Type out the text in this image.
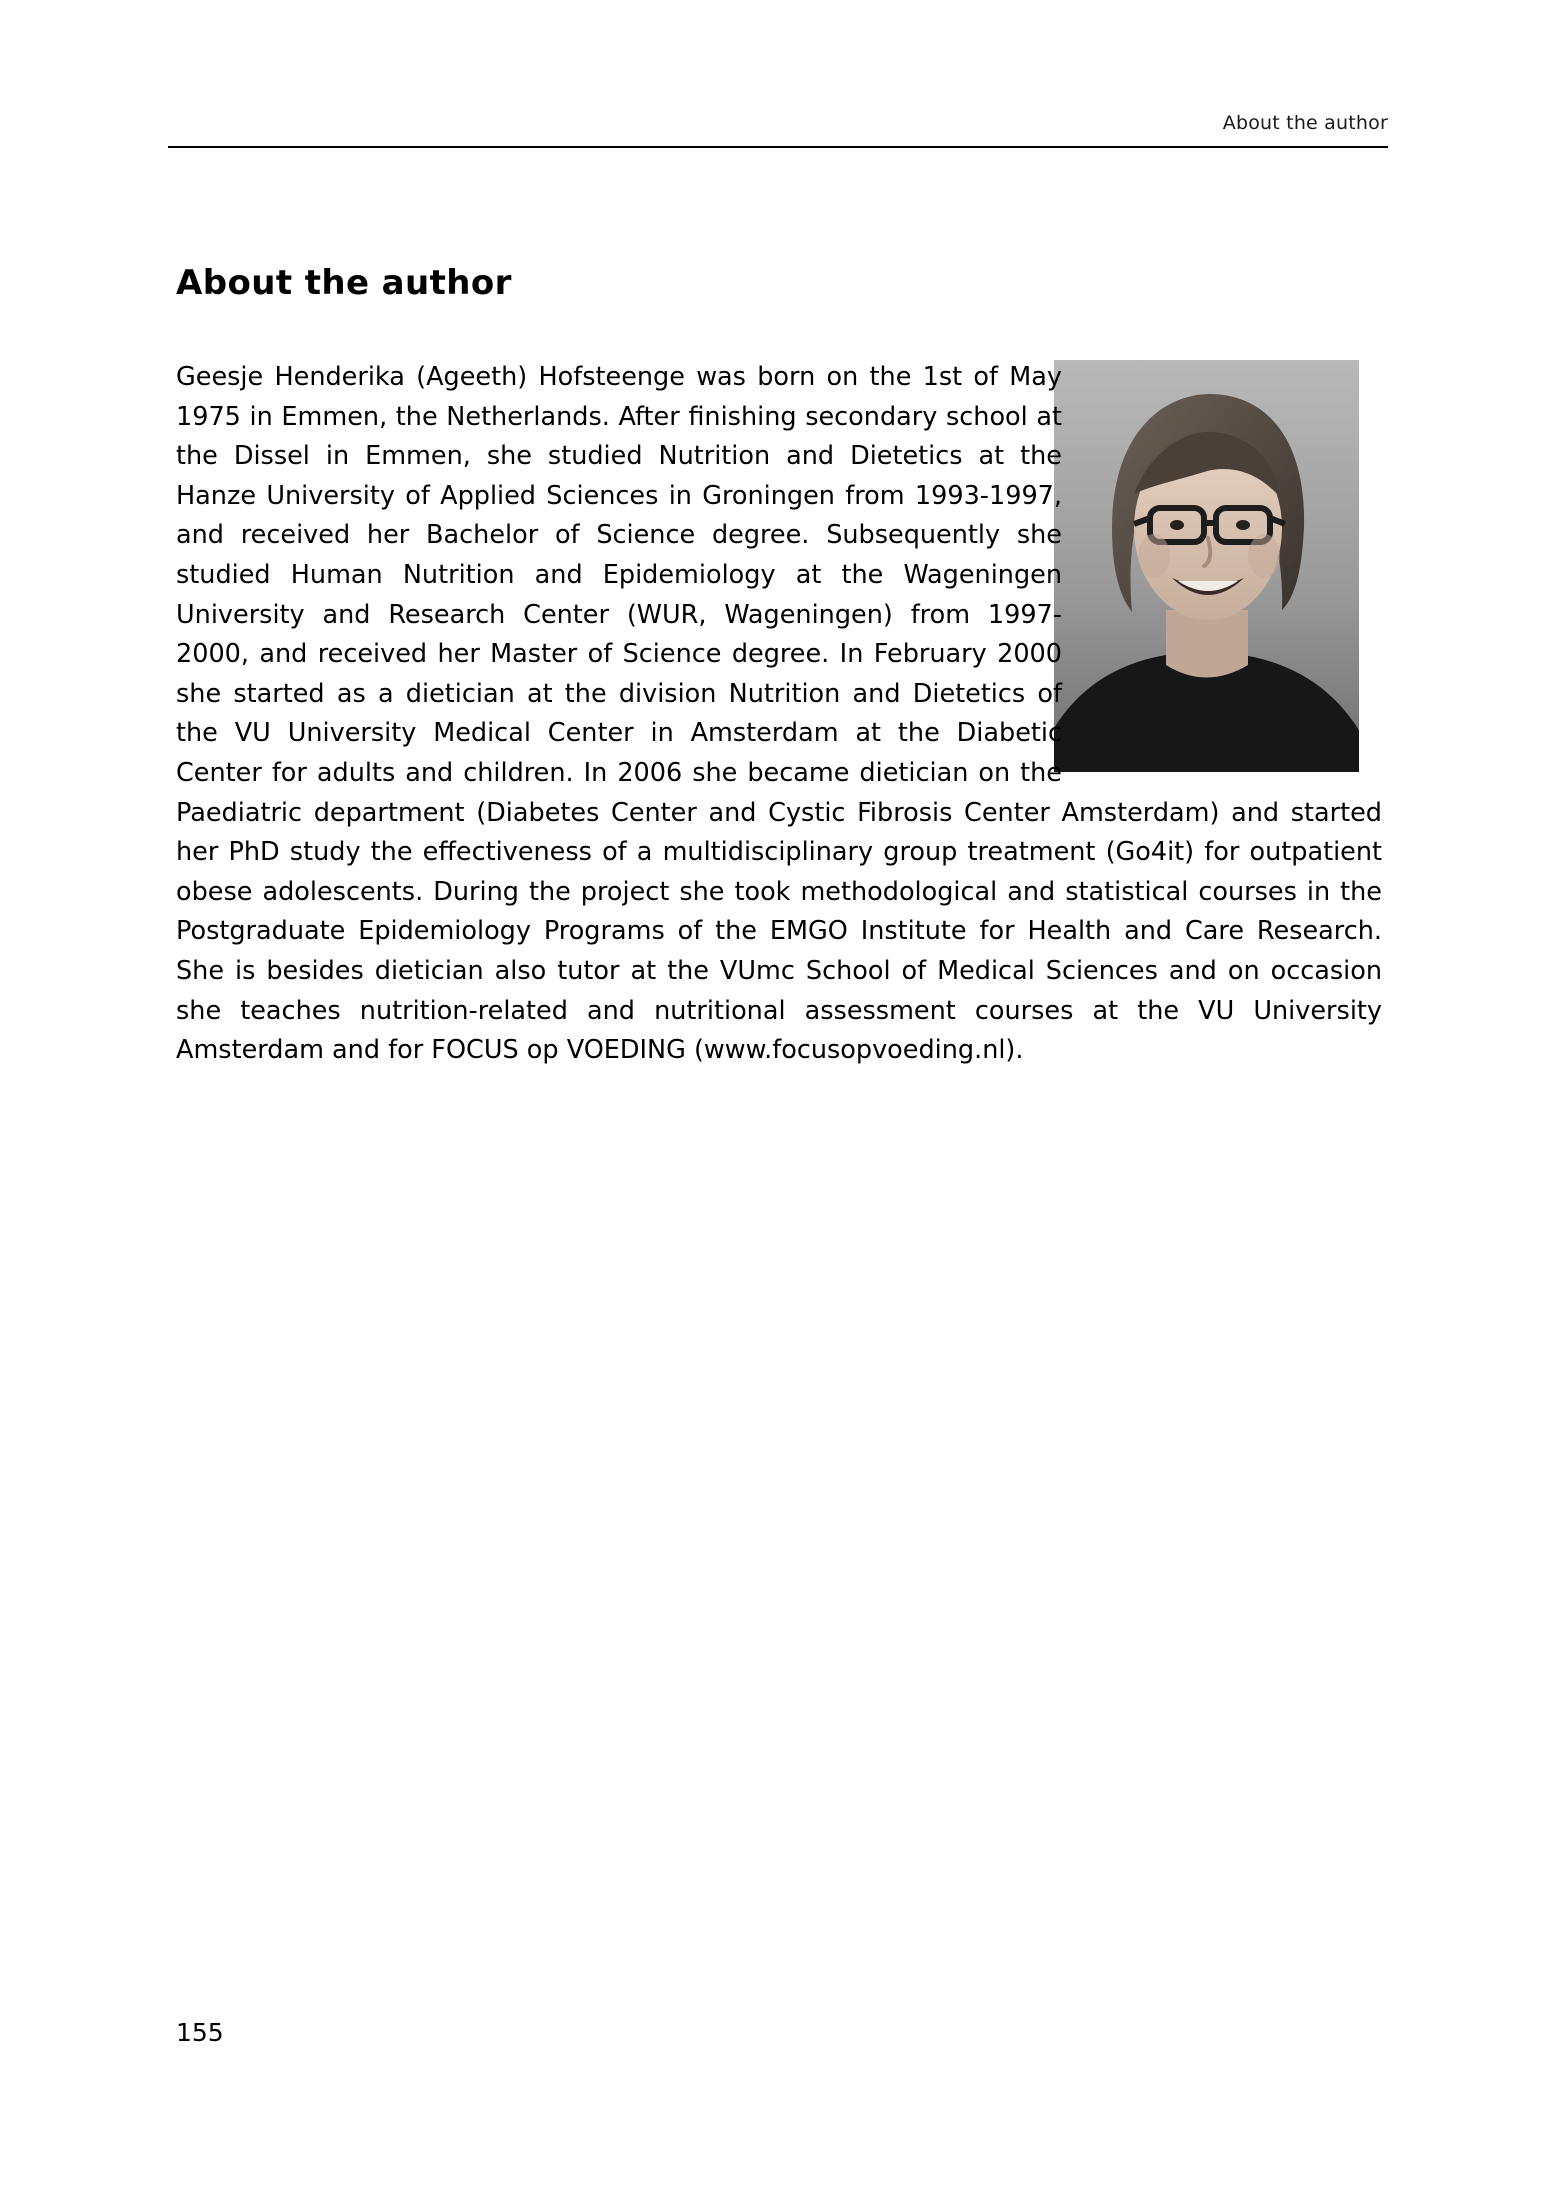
About the author
About the author
Geesje Henderika (Ageeth) Hofsteenge was born on the 1st of May 1975 in Emmen, the Netherlands. After finishing secondary school at the Dissel in Emmen, she studied Nutrition and Dietetics at the Hanze University of Applied Sciences in Groningen from 1993-1997, and received her Bachelor of Science degree. Subsequently she studied Human Nutrition and Epidemiology at the Wageningen University and Research Center (WUR, Wageningen) from 1997-2000, and received her Master of Science degree. In February 2000 she started as a dietician at the division Nutrition and Dietetics of the VU University Medical Center in Amsterdam at the Diabetic Center for adults and children. In 2006 she became dietician on the Paediatric department (Diabetes Center and Cystic Fibrosis Center Amsterdam) and started her PhD study the effectiveness of a multidisciplinary group treatment (Go4it) for outpatient obese adolescents. During the project she took methodological and statistical courses in the Postgraduate Epidemiology Programs of the EMGO Institute for Health and Care Research. She is besides dietician also tutor at the VUmc School of Medical Sciences and on occasion she teaches nutrition-related and nutritional assessment courses at the VU University Amsterdam and for FOCUS op VOEDING (www.focusopvoeding.nl).
155
